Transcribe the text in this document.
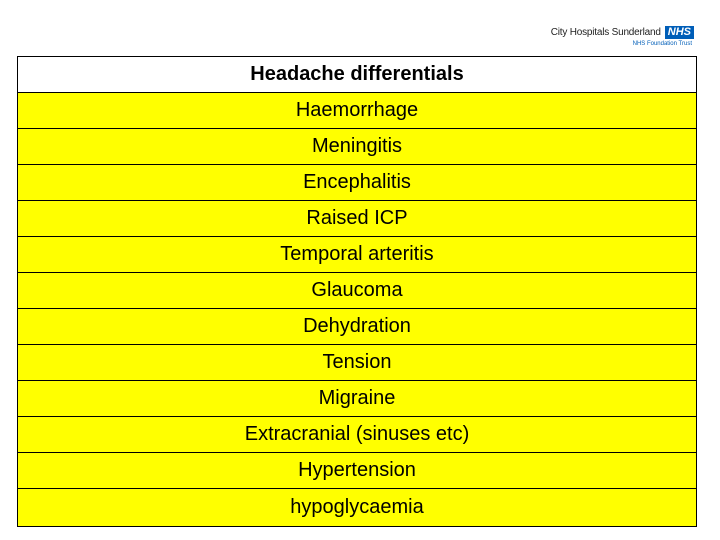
City Hospitals Sunderland NHS
NHS Foundation Trust
Headache differentials
Haemorrhage
Meningitis
Encephalitis
Raised ICP
Temporal arteritis
Glaucoma
Dehydration
Tension
Migraine
Extracranial (sinuses etc)
Hypertension
hypoglycaemia
